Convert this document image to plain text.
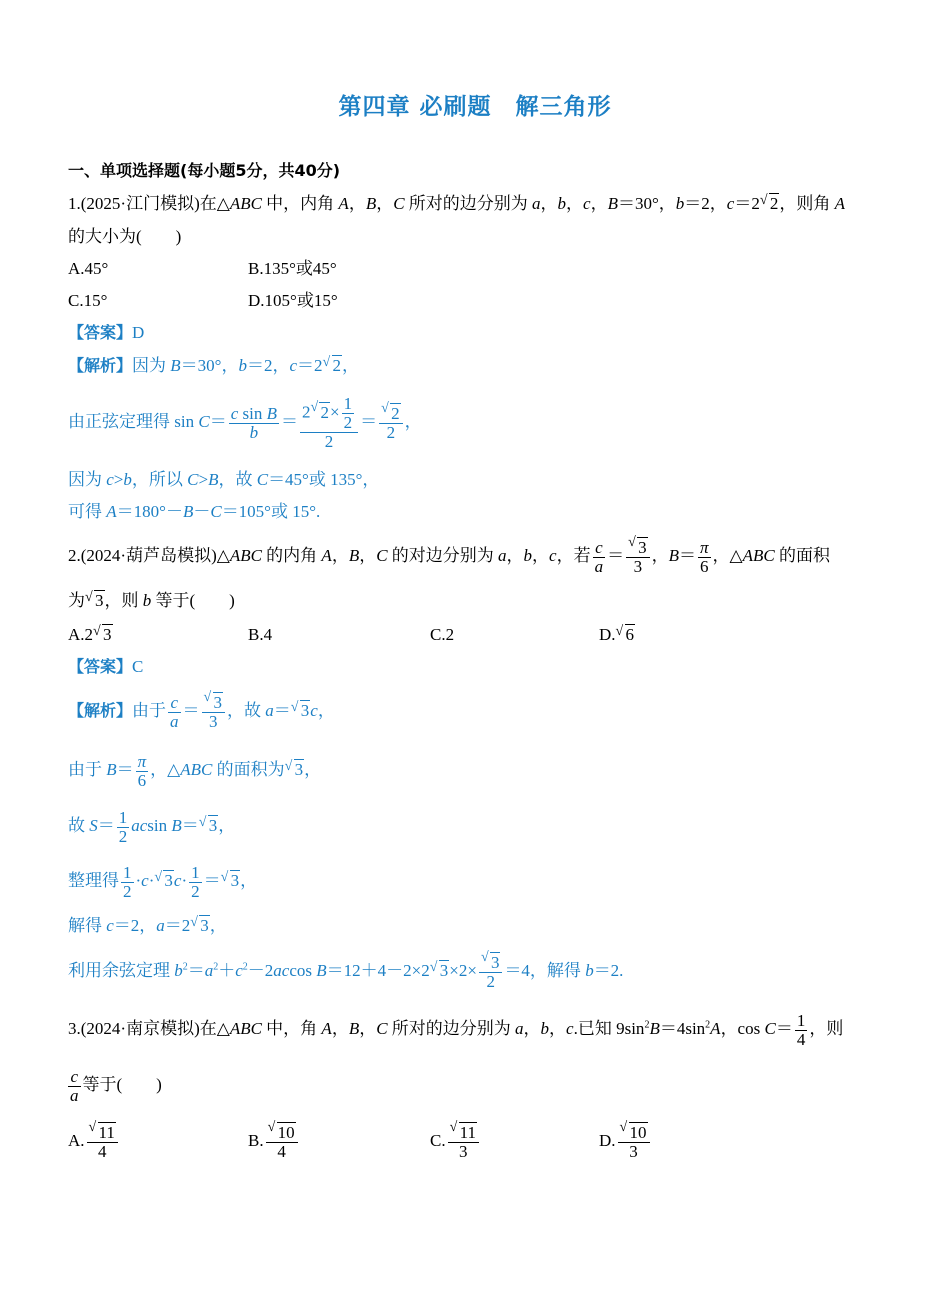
第四章 必刷题　解三角形
一、单项选择题(每小题5分，共40分)
1.(2025·江门模拟)在△ABC 中，内角 A，B，C 所对的边分别为 a，b，c，B＝30°，b＝2，c＝2 √ 2，则角 A
的大小为(　　)
A.45°	B.135°或45°
C.15°	D.105°或15°
【答案】D
【解析】因为 B＝30°，b＝2，c＝2 √ 2，
由正弦定理得 $\sin C= \frac{\text{c sin B}}{b} = \frac{2 √ 2\times \frac{1}{2}}{2} = \frac{√ 2}{2}$ ，
因为 c>b，所以 C>B，故 C＝45°或 135°，
可得 A＝180°－B－C＝105°或 15°.
2.(2024·葫芦岛模拟)△ABC 的内角 A，B，C 的对边分别为 a，b，c，若 $\frac{c}{a} = \frac{√ 3}{3}$ ，$B= \frac{\pi}{6}$ ，△ABC 的面积
为 √ 3，则 b 等于(　　)
A.2 √ 3	B.4	C.2	D. √ 6
【答案】C
【解析】由于 $\frac{c}{a} = \frac{√ 3}{3}$ ，故 a＝ √ 3c，
由于 $B= \frac{\pi}{6}$ ，△ABC 的面积为 √ 3，
故 $S= \frac{1}{2}$ acsin B＝ √ 3，
整理得 $\frac{1}{2} \cdot c\cdot$ √ $3c\cdot \frac{1}{2}$ ＝ √ 3，
解得 c＝2，a＝2 √ 3，
利用余弦定理 $b^2=a^2+c^2-2accos$ B＝12＋4－2×2 √ $3\times 2\times \frac{√ 3}{2} =4$，解得 b＝2.
3.(2024·南京模拟)在△ABC 中，角 A，B，C 所对的边分别为 a，b，c.已知 $9\sin^2B=4\sin^2A$，$\cos C= \frac{1}{4}$ ，则
$\frac{c}{a}$ 等于(　　)
A. $\frac{√ 11}{4}$	B. $\frac{√ 10}{4}$	C. $\frac{√ 11}{3}$	D. $\frac{√ 10}{3}$
